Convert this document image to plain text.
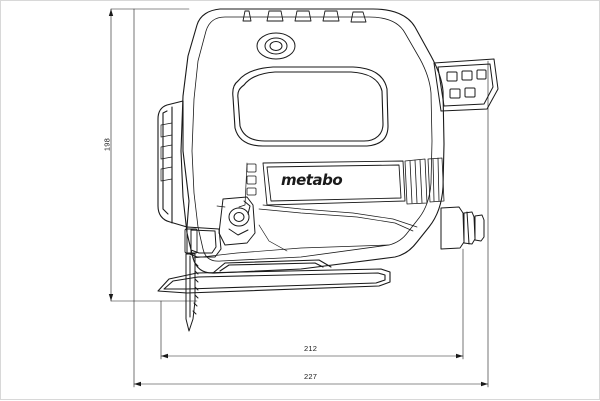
metabo
198
212
227
